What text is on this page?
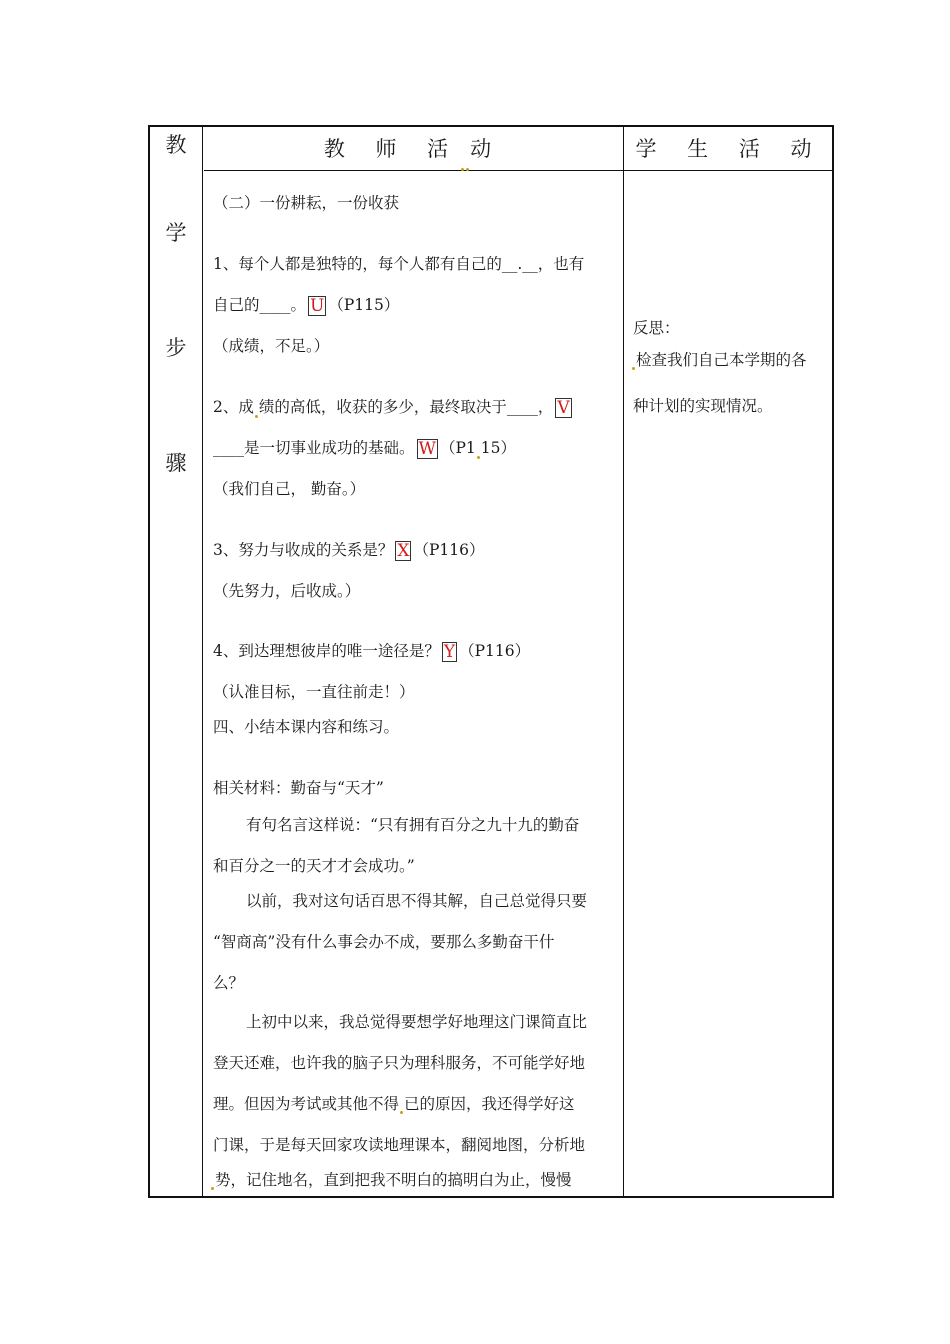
教
学
步
骤
教 师 活 动	学 生 活 动
（二）一份耕耘，一份收获
1、每个人都是独特的，每个人都有自己的__.__，也有
自己的____。 U （P115）
（成绩，不足。）
2、成 绩的高低，收获的多少，最终取决于____， V
____是一切事业成功的基础。 W （P1 15）
（我们自己， 勤奋。）
3、努力与收成的关系是？ X （P116）
（先努力，后收成。）
4、到达理想彼岸的唯一途径是？ Y （P116）
（认准目标，一直往前走！）
四、小结本课内容和练习。
相关材料：勤奋与“天才”
有句名言这样说：“只有拥有百分之九十九的勤奋
和百分之一的天才才会成功。”
以前，我对这句话百思不得其解，自己总觉得只要
“智商高”没有什么事会办不成，要那么多勤奋干什
么？
上初中以来，我总觉得要想学好地理这门课简直比
登天还难，也许我的脑子只为理科服务，不可能学好地
理。但因为考试或其他不得 已的原因，我还得学好这
门课，于是每天回家攻读地理课本，翻阅地图，分析地
势，记住地名，直到把我不明白的搞明白为止，慢慢
反思：
检查我们自己本学期的各
种计划的实现情况。
